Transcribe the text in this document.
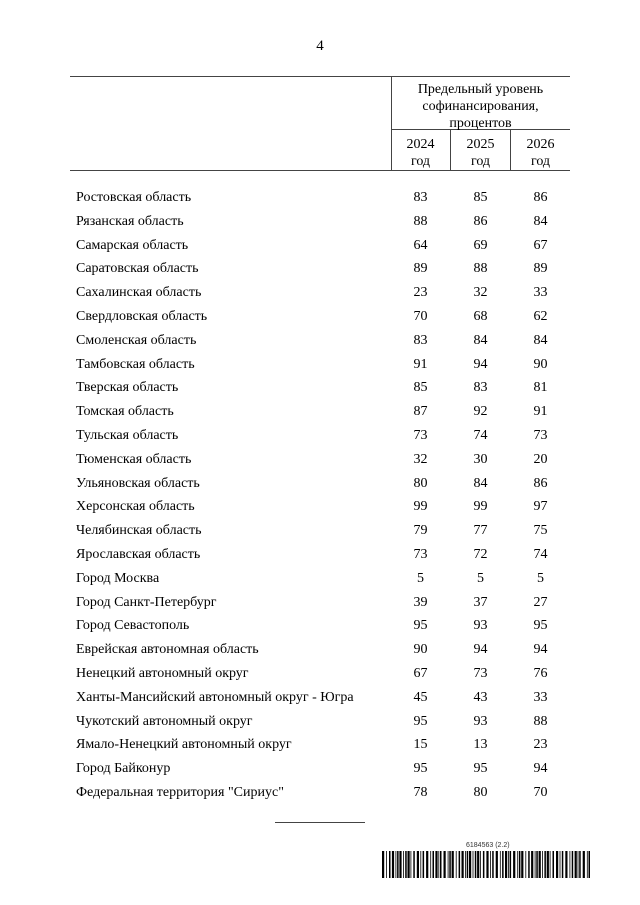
4
Предельный уровень
софинансирования,
процентов
2024
год
2025
год
2026
год
Ростовская область	83	85	86
Рязанская область	88	86	84
Самарская область	64	69	67
Саратовская область	89	88	89
Сахалинская область	23	32	33
Свердловская область	70	68	62
Смоленская область	83	84	84
Тамбовская область	91	94	90
Тверская область	85	83	81
Томская область	87	92	91
Тульская область	73	74	73
Тюменская область	32	30	20
Ульяновская область	80	84	86
Херсонская область	99	99	97
Челябинская область	79	77	75
Ярославская область	73	72	74
Город Москва	5	5	5
Город Санкт-Петербург	39	37	27
Город Севастополь	95	93	95
Еврейская автономная область	90	94	94
Ненецкий автономный округ	67	73	76
Ханты-Мансийский автономный округ - Югра	45	43	33
Чукотский автономный округ	95	93	88
Ямало-Ненецкий автономный округ	15	13	23
Город Байконур	95	95	94
Федеральная территория "Сириус"	78	80	70
6184563 (2.2)
